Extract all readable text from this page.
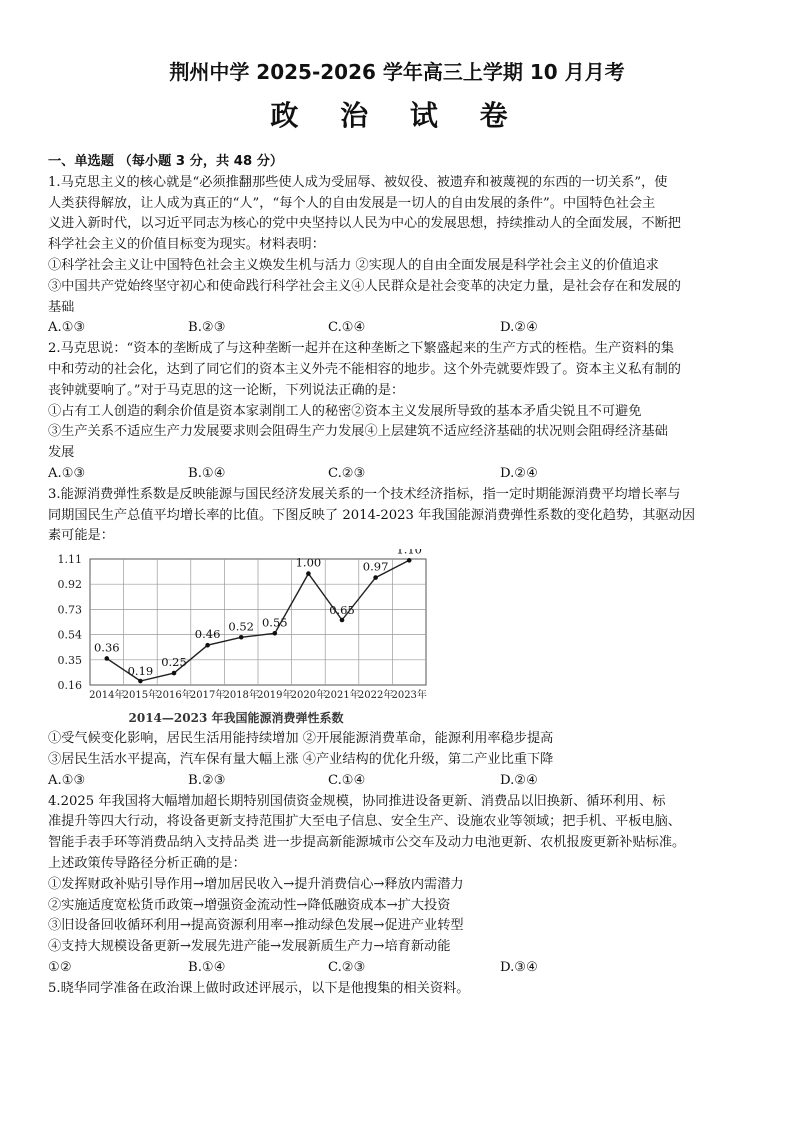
荆州中学 2025-2026 学年高三上学期 10 月月考
政 治 试 卷

一、单选题 （每小题 3 分，共 48 分）

1.马克思主义的核心就是“必须推翻那些使人成为受屈辱、被奴役、被遗弃和被蔑视的东西的一切关系”，使

人类获得解放，让人成为真正的“人”，“每个人的自由发展是一切人的自由发展的条件”。中国特色社会主

义进入新时代，以习近平同志为核心的党中央坚持以人民为中心的发展思想，持续推动人的全面发展，不断把

科学社会主义的价值目标变为现实。材料表明：

①科学社会主义让中国特色社会主义焕发生机与活力 ②实现人的自由全面发展是科学社会主义的价值追求

③中国共产党始终坚守初心和使命践行科学社会主义④人民群众是社会变革的决定力量，是社会存在和发展的

基础

A.①③	B.②③	C.①④	D.②④

2.马克思说：“资本的垄断成了与这种垄断一起并在这种垄断之下繁盛起来的生产方式的桎梏。生产资料的集

中和劳动的社会化，达到了同它们的资本主义外壳不能相容的地步。这个外壳就要炸毁了。资本主义私有制的

丧钟就要响了。”对于马克思的这一论断，下列说法正确的是：

①占有工人创造的剩余价值是资本家剥削工人的秘密②资本主义发展所导致的基本矛盾尖锐且不可避免

③生产关系不适应生产力发展要求则会阻碍生产力发展④上层建筑不适应经济基础的状况则会阻碍经济基础

发展

A.①③	B.①④	C.②③	D.②④

3.能源消费弹性系数是反映能源与国民经济发展关系的一个技术经济指标，指一定时期能源消费平均增长率与

同期国民生产总值平均增长率的比值。下图反映了 2014-2023 年我国能源消费弹性系数的变化趋势，其驱动因

素可能是：

1.11
0.92
0.73
0.54
0.35
0.16
2014年
2015年
2016年
2017年
2018年
2019年
2020年
2021年
2022年
2023年
0.36
0.19
0.25
0.46
0.52 0.55
1.00
0.65
0.97
1.10
2014—2023 年我国能源消费弹性系数

①受气候变化影响，居民生活用能持续增加 ②开展能源消费革命，能源利用率稳步提高

③居民生活水平提高，汽车保有量大幅上涨 ④产业结构的优化升级，第二产业比重下降

A.①③	B.②③	C.①④	D.②④

4.2025 年我国将大幅增加超长期特别国债资金规模，协同推进设备更新、消费品以旧换新、循环利用、标

准提升等四大行动，将设备更新支持范围扩大至电子信息、安全生产、设施农业等领域；把手机、平板电脑、

智能手表手环等消费品纳入支持品类 进一步提高新能源城市公交车及动力电池更新、农机报废更新补贴标准。

上述政策传导路径分析正确的是：

①发挥财政补贴引导作用→增加居民收入→提升消费信心→释放内需潜力

②实施适度宽松货币政策→增强资金流动性→降低融资成本→扩大投资

③旧设备回收循环利用→提高资源利用率→推动绿色发展→促进产业转型

④支持大规模设备更新→发展先进产能→发展新质生产力→培育新动能

①②	B.①④	C.②③	D.③④

5.晓华同学准备在政治课上做时政述评展示，以下是他搜集的相关资料。
